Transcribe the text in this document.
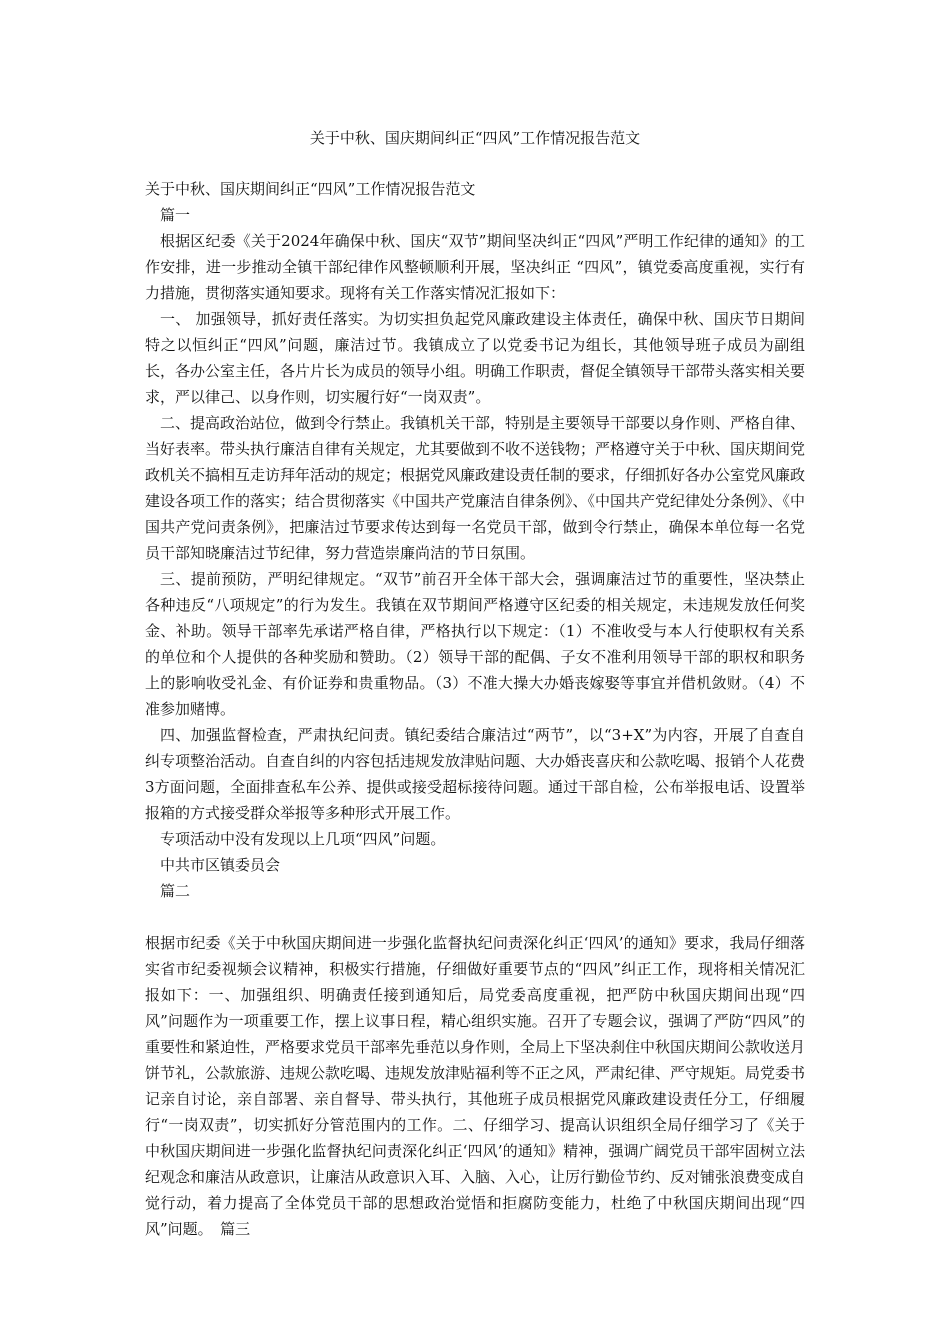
关于中秋、国庆期间纠正“四风”工作情况报告范文

关于中秋、国庆期间纠正“四风”工作情况报告范文

篇一

根据区纪委《关于2024年确保中秋、国庆“双节”期间坚决纠正“四风”严明工作纪律的通知》的工作安排，进一步推动全镇干部纪律作风整顿顺利开展，坚决纠正 “四风”，镇党委高度重视，实行有力措施，贯彻落实通知要求。现将有关工作落实情况汇报如下：

一、 加强领导，抓好责任落实。为切实担负起党风廉政建设主体责任，确保中秋、国庆节日期间特之以恒纠正“四风”问题，廉洁过节。我镇成立了以党委书记为组长，其他领导班子成员为副组长，各办公室主任，各片片长为成员的领导小组。明确工作职责，督促全镇领导干部带头落实相关要求，严以律己、以身作则，切实履行好“一岗双责”。

二、提高政治站位，做到令行禁止。我镇机关干部，特别是主要领导干部要以身作则、严格自律、当好表率。带头执行廉洁自律有关规定，尤其要做到不收不送钱物；严格遵守关于中秋、国庆期间党政机关不搞相互走访拜年活动的规定；根据党风廉政建设责任制的要求，仔细抓好各办公室党风廉政建设各项工作的落实；结合贯彻落实《中国共产党廉洁自律条例》、《中国共产党纪律处分条例》、《中国共产党问责条例》，把廉洁过节要求传达到每一名党员干部，做到令行禁止，确保本单位每一名党员干部知晓廉洁过节纪律，努力营造崇廉尚洁的节日氛围。

三、提前预防，严明纪律规定。“双节”前召开全体干部大会，强调廉洁过节的重要性，坚决禁止各种违反“八项规定”的行为发生。我镇在双节期间严格遵守区纪委的相关规定，未违规发放任何奖金、补助。领导干部率先承诺严格自律，严格执行以下规定：（1）不准收受与本人行使职权有关系的单位和个人提供的各种奖励和赞助。（2）领导干部的配偶、子女不准利用领导干部的职权和职务上的影响收受礼金、有价证券和贵重物品。（3）不准大操大办婚丧嫁娶等事宜并借机敛财。（4）不准参加赌博。

四、加强监督检查，严肃执纪问责。镇纪委结合廉洁过“两节”，以“3+X”为内容，开展了自查自纠专项整治活动。自查自纠的内容包括违规发放津贴问题、大办婚丧喜庆和公款吃喝、报销个人花费3方面问题，全面排查私车公养、提供或接受超标接待问题。通过干部自检，公布举报电话、设置举报箱的方式接受群众举报等多种形式开展工作。

专项活动中没有发现以上几项“四风”问题。

中共市区镇委员会

篇二

根据市纪委《关于中秋国庆期间进一步强化监督执纪问责深化纠正‘四风’的通知》要求，我局仔细落实省市纪委视频会议精神，积极实行措施，仔细做好重要节点的“四风”纠正工作，现将相关情况汇报如下：一、加强组织、明确责任接到通知后，局党委高度重视，把严防中秋国庆期间出现“四风”问题作为一项重要工作，摆上议事日程，精心组织实施。召开了专题会议，强调了严防“四风”的重要性和紧迫性，严格要求党员干部率先垂范以身作则，全局上下坚决刹住中秋国庆期间公款收送月饼节礼，公款旅游、违规公款吃喝、违规发放津贴福利等不正之风，严肃纪律、严守规矩。局党委书记亲自讨论，亲自部署、亲自督导、带头执行，其他班子成员根据党风廉政建设责任分工，仔细履行“一岗双责”，切实抓好分管范围内的工作。二、仔细学习、提高认识组织全局仔细学习了《关于中秋国庆期间进一步强化监督执纪问责深化纠正‘四风’的通知》精神，强调广阔党员干部牢固树立法纪观念和廉洁从政意识，让廉洁从政意识入耳、入脑、入心，让厉行勤俭节约、反对铺张浪费变成自觉行动，着力提高了全体党员干部的思想政治觉悟和拒腐防变能力，杜绝了中秋国庆期间出现“四风”问题。　篇三
